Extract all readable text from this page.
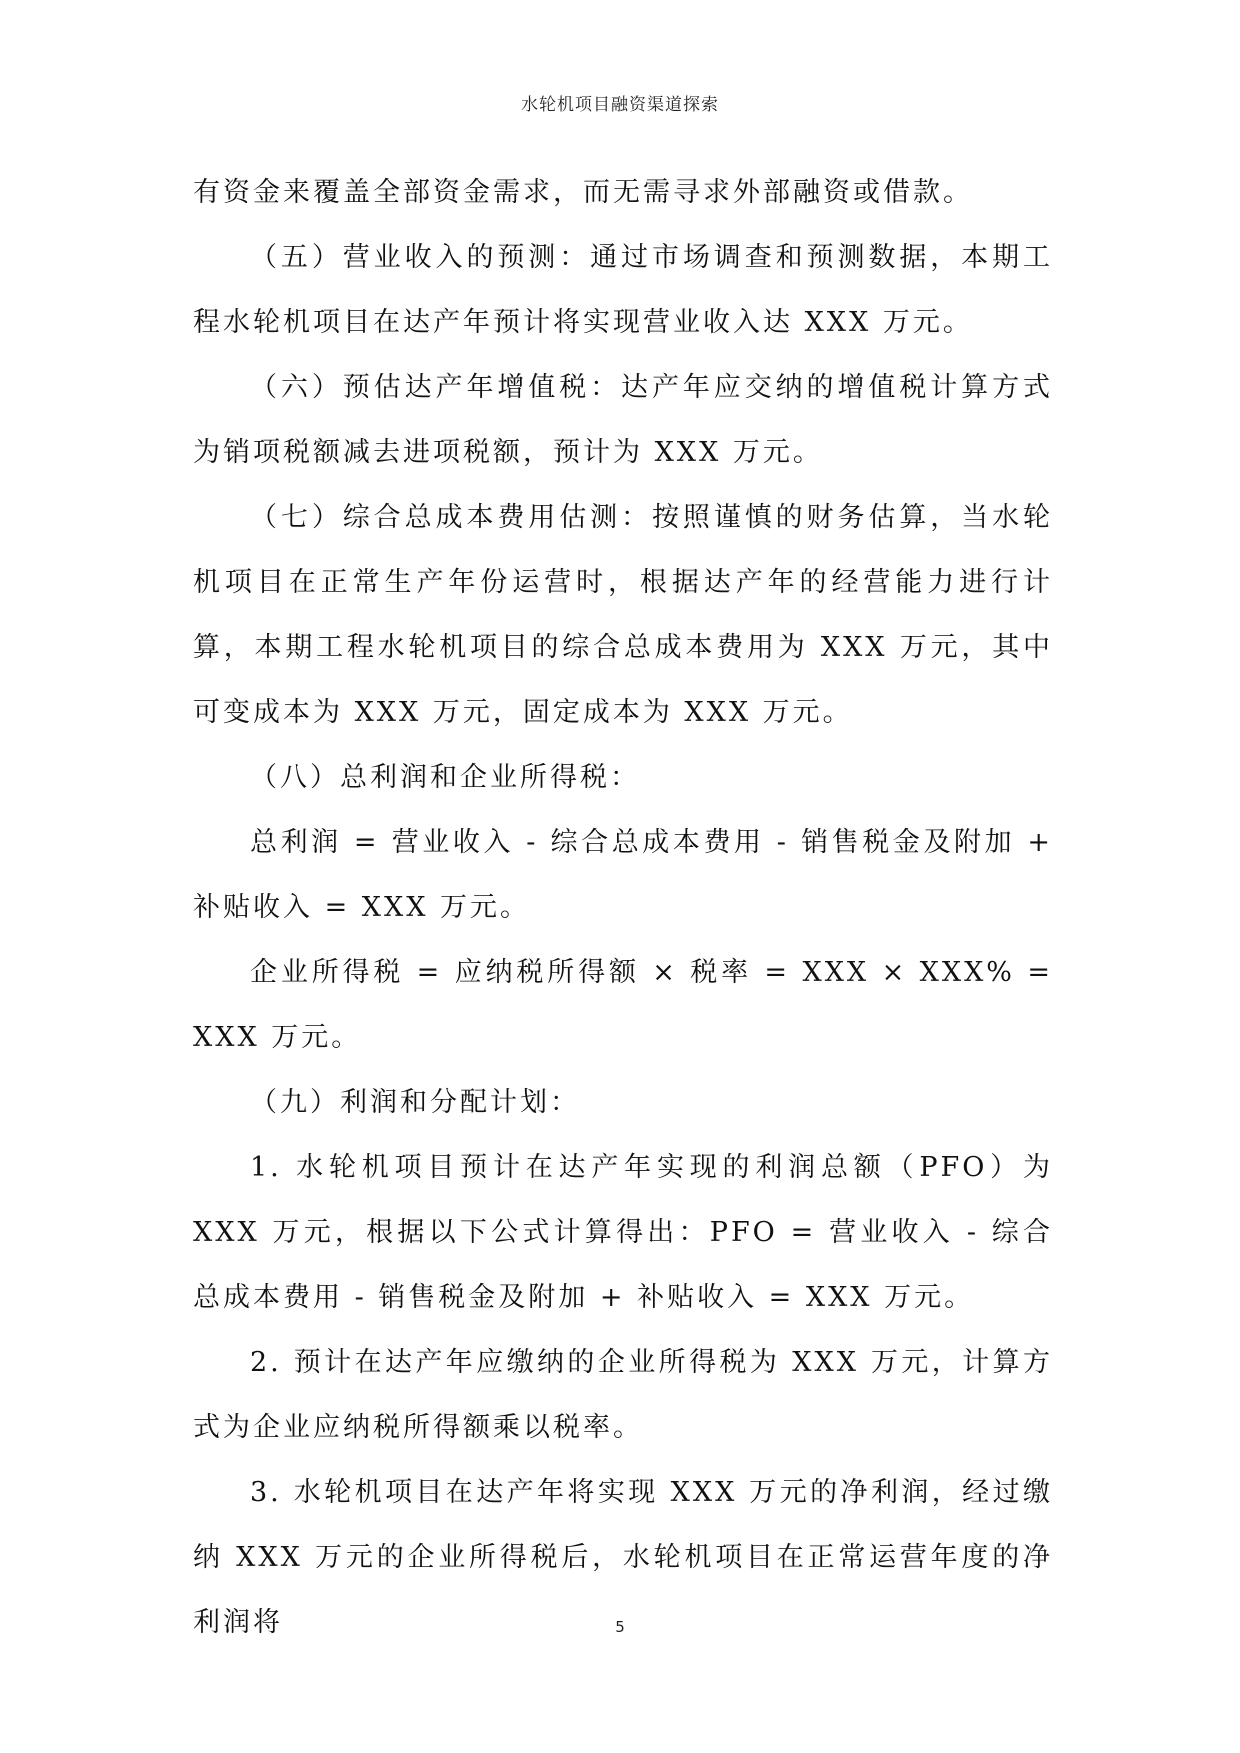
水轮机项目融资渠道探索

有资金来覆盖全部资金需求，而无需寻求外部融资或借款。

（五）营业收入的预测：通过市场调查和预测数据，本期工程水轮机项目在达产年预计将实现营业收入达 XXX 万元。

（六）预估达产年增值税：达产年应交纳的增值税计算方式为销项税额减去进项税额，预计为 XXX 万元。

（七）综合总成本费用估测：按照谨慎的财务估算，当水轮机项目在正常生产年份运营时，根据达产年的经营能力进行计算，本期工程水轮机项目的综合总成本费用为 XXX 万元，其中可变成本为 XXX 万元，固定成本为 XXX 万元。

（八）总利润和企业所得税：

总利润 = 营业收入 - 综合总成本费用 - 销售税金及附加 + 补贴收入 = XXX 万元。

企业所得税 = 应纳税所得额 × 税率 = XXX × XXX% = XXX 万元。

（九）利润和分配计划：

1. 水轮机项目预计在达产年实现的利润总额（PFO）为 XXX 万元，根据以下公式计算得出：PFO = 营业收入 - 综合总成本费用 - 销售税金及附加 + 补贴收入 = XXX 万元。

2. 预计在达产年应缴纳的企业所得税为 XXX 万元，计算方式为企业应纳税所得额乘以税率。

3. 水轮机项目在达产年将实现 XXX 万元的净利润，经过缴纳 XXX 万元的企业所得税后，水轮机项目在正常运营年度的净利润将	5
